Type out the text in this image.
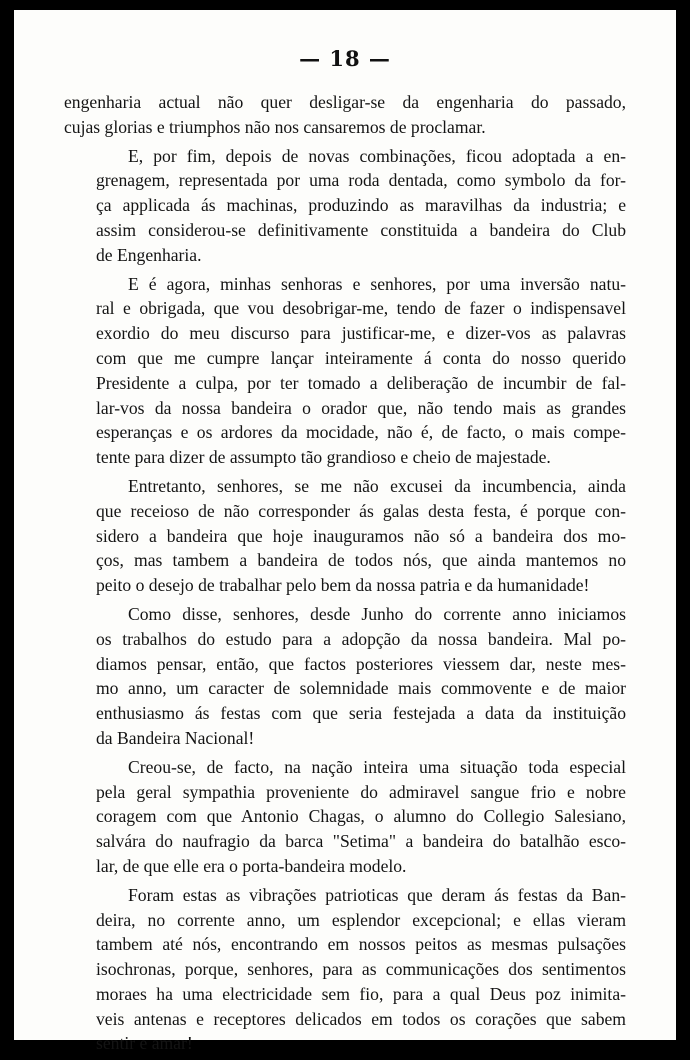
— 18 —

engenharia actual não quer desligar-se da engenharia do passado,
cujas glorias e triumphos não nos cansaremos de proclamar.

E, por fim, depois de novas combinações, ficou adoptada a en-
grenagem, representada por uma roda dentada, como symbolo da for-
ça applicada ás machinas, produzindo as maravilhas da industria; e
assim considerou-se definitivamente constituida a bandeira do Club
de Engenharia.

E é agora, minhas senhoras e senhores, por uma inversão natu-
ral e obrigada, que vou desobrigar-me, tendo de fazer o indispensavel
exordio do meu discurso para justificar-me, e dizer-vos as palavras
com que me cumpre lançar inteiramente á conta do nosso querido
Presidente a culpa, por ter tomado a deliberação de incumbir de fal-
lar-vos da nossa bandeira o orador que, não tendo mais as grandes
esperanças e os ardores da mocidade, não é, de facto, o mais compe-
tente para dizer de assumpto tão grandioso e cheio de majestade.

Entretanto, senhores, se me não excusei da incumbencia, ainda
que receioso de não corresponder ás galas desta festa, é porque con-
sidero a bandeira que hoje inauguramos não só a bandeira dos mo-
ços, mas tambem a bandeira de todos nós, que ainda mantemos no
peito o desejo de trabalhar pelo bem da nossa patria e da humanidade!

Como disse, senhores, desde Junho do corrente anno iniciamos
os trabalhos do estudo para a adopção da nossa bandeira. Mal po-
diamos pensar, então, que factos posteriores viessem dar, neste mes-
mo anno, um caracter de solemnidade mais commovente e de maior
enthusiasmo ás festas com que seria festejada a data da instituição
da Bandeira Nacional!

Creou-se, de facto, na nação inteira uma situação toda especial
pela geral sympathia proveniente do admiravel sangue frio e nobre
coragem com que Antonio Chagas, o alumno do Collegio Salesiano,
salvára do naufragio da barca "Setima" a bandeira do batalhão esco-
lar, de que elle era o porta-bandeira modelo.

Foram estas as vibrações patrioticas que deram ás festas da Ban-
deira, no corrente anno, um esplendor excepcional; e ellas vieram
tambem até nós, encontrando em nossos peitos as mesmas pulsações
isochronas, porque, senhores, para as communicações dos sentimentos
moraes ha uma electricidade sem fio, para a qual Deus poz inimita-
veis antenas e receptores delicados em todos os corações que sabem
sentir e amar!
